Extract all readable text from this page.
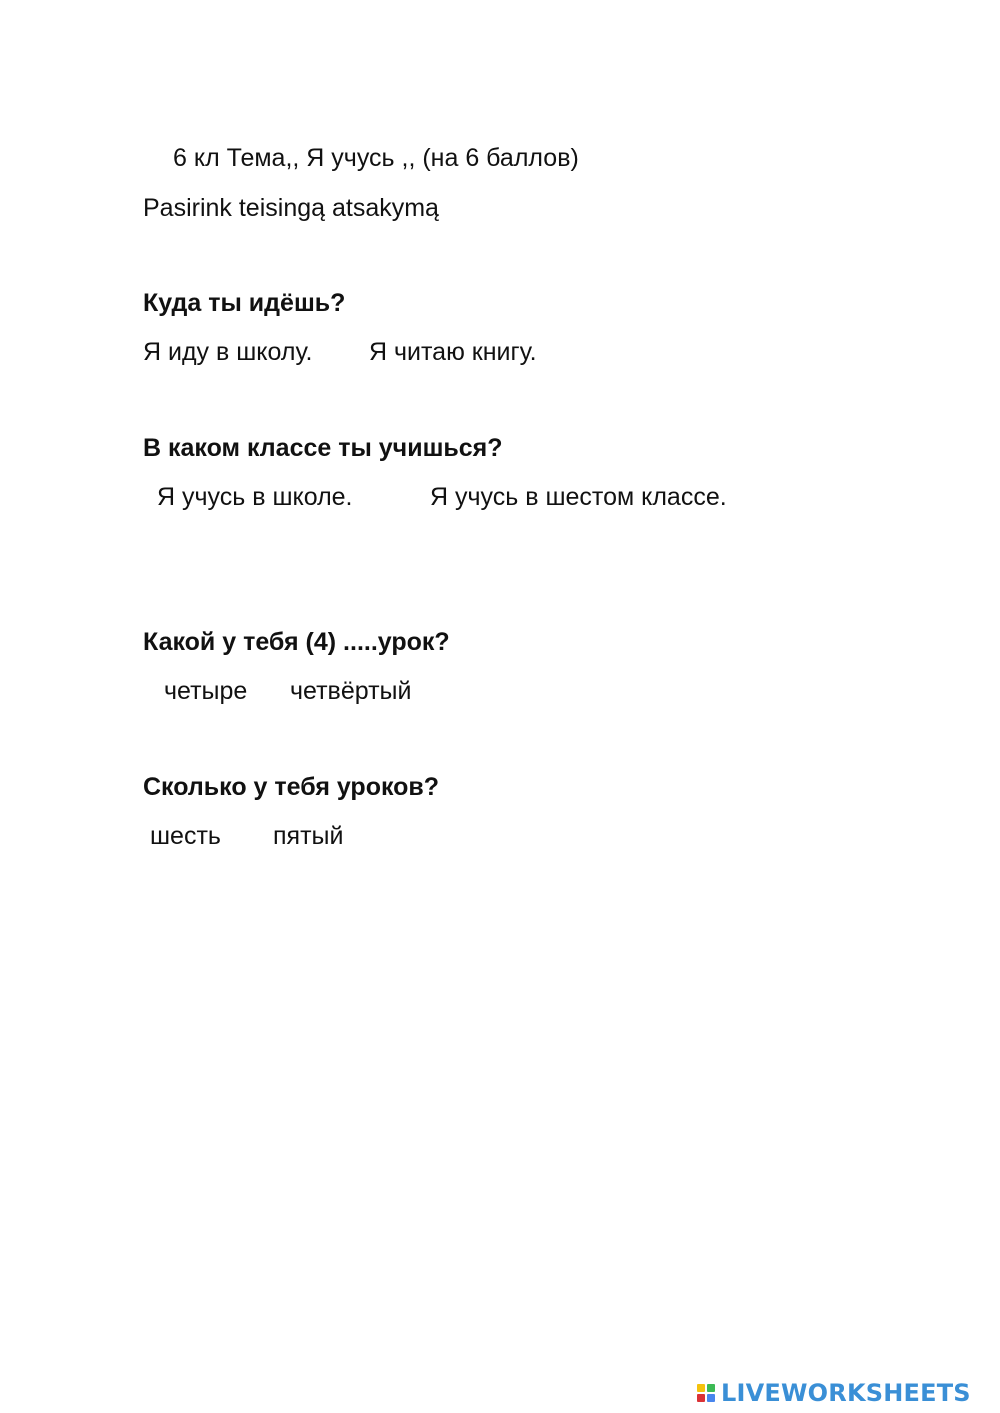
6 кл Тема,, Я учусь ,, (на 6 баллов)
Pasirink teisingą atsakymą
Куда ты идёшь?
Я иду в школу. Я читаю книгу.
В каком классе ты учишься?
Я учусь в школе.	Я учусь в шестом классе.
Какой у тебя (4) .....урок?
четыре четвёртый
Сколько у тебя уроков?
шесть пятый
LIVEWORKSHEETS
